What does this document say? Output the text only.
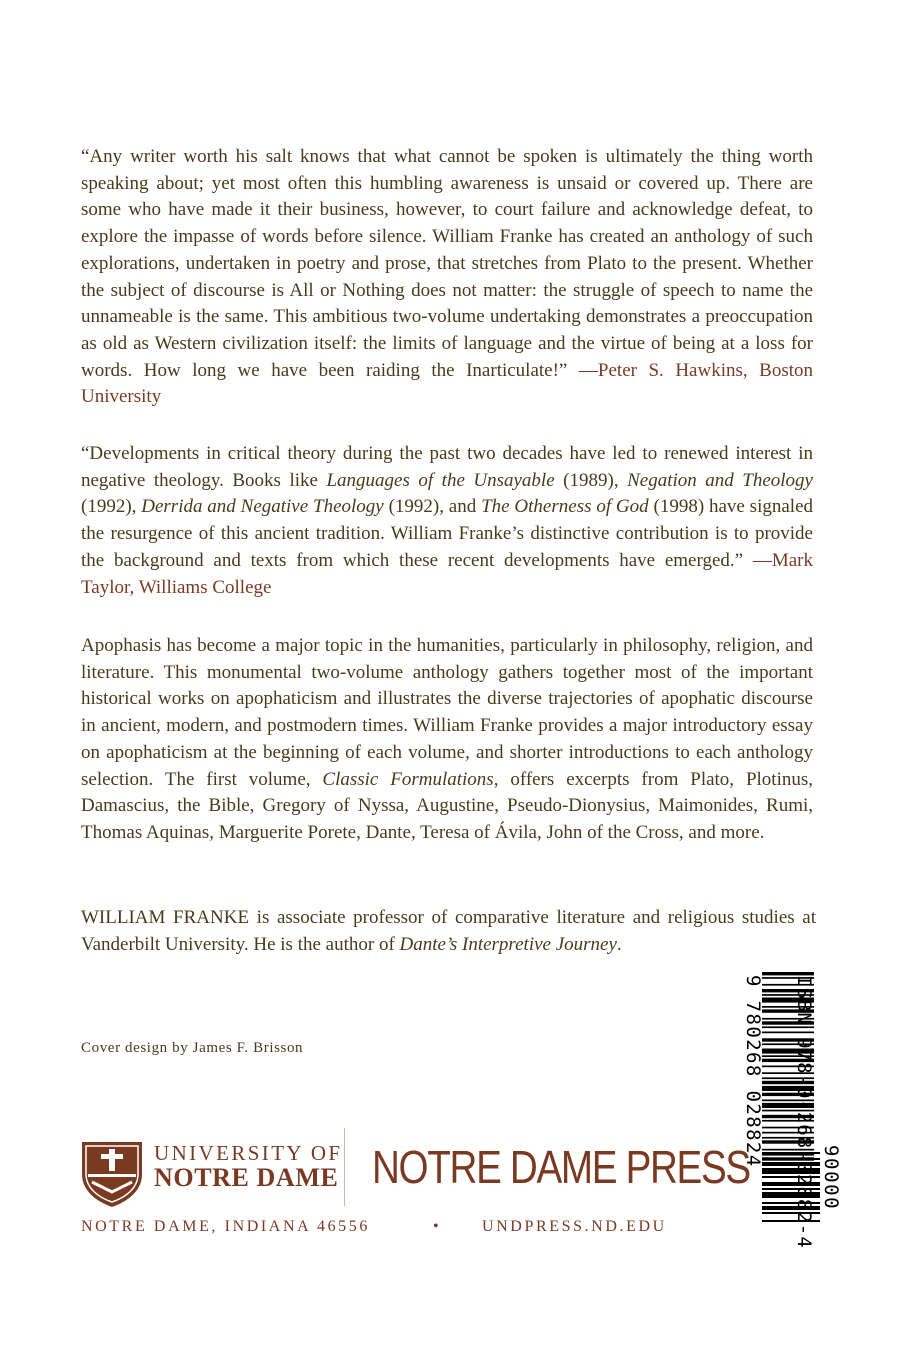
“Any writer worth his salt knows that what cannot be spoken is ultimately the thing worth speaking about; yet most often this humbling awareness is unsaid or covered up. There are some who have made it their business, however, to court failure and acknowledge defeat, to explore the impasse of words before silence. William Franke has created an anthology of such explorations, undertaken in poetry and prose, that stretches from Plato to the present. Whether the subject of discourse is All or Nothing does not matter: the struggle of speech to name the unnameable is the same. This ambitious two-volume undertaking demonstrates a preoccupation as old as Western civilization itself: the limits of language and the virtue of being at a loss for words. How long we have been raiding the Inarticulate!” —Peter S. Hawkins, Boston University

“Developments in critical theory during the past two decades have led to renewed interest in negative theology. Books like Languages of the Unsayable (1989), Negation and Theology (1992), Derrida and Negative Theology (1992), and The Otherness of God (1998) have signaled the resurgence of this ancient tradition. William Franke’s distinctive contribution is to provide the background and texts from which these recent developments have emerged.” —Mark Taylor, Williams College

Apophasis has become a major topic in the humanities, particularly in philosophy, religion, and literature. This monumental two-volume anthology gathers together most of the important historical works on apophaticism and illustrates the diverse trajectories of apophatic discourse in ancient, modern, and postmodern times. William Franke provides a major introductory essay on apophaticism at the beginning of each volume, and shorter introductions to each anthology selection. The first volume, Classic Formulations, offers excerpts from Plato, Plotinus, Damascius, the Bible, Gregory of Nyssa, Augustine, Pseudo-Dionysius, Maimonides, Rumi, Thomas Aquinas, Marguerite Porete, Dante, Teresa of Ávila, John of the Cross, and more.

WILLIAM FRANKE is associate professor of comparative literature and religious studies at Vanderbilt University. He is the author of Dante’s Interpretive Journey.

Cover design by James F. Brisson
UNIVERSITY OF
NOTRE DAME NOTRE DAME PRESS
NOTRE DAME, INDIANA 46556	•	UNDPRESS.ND.EDU	ISBN 978-0-268-02882-4
9 780268 028824
90000
